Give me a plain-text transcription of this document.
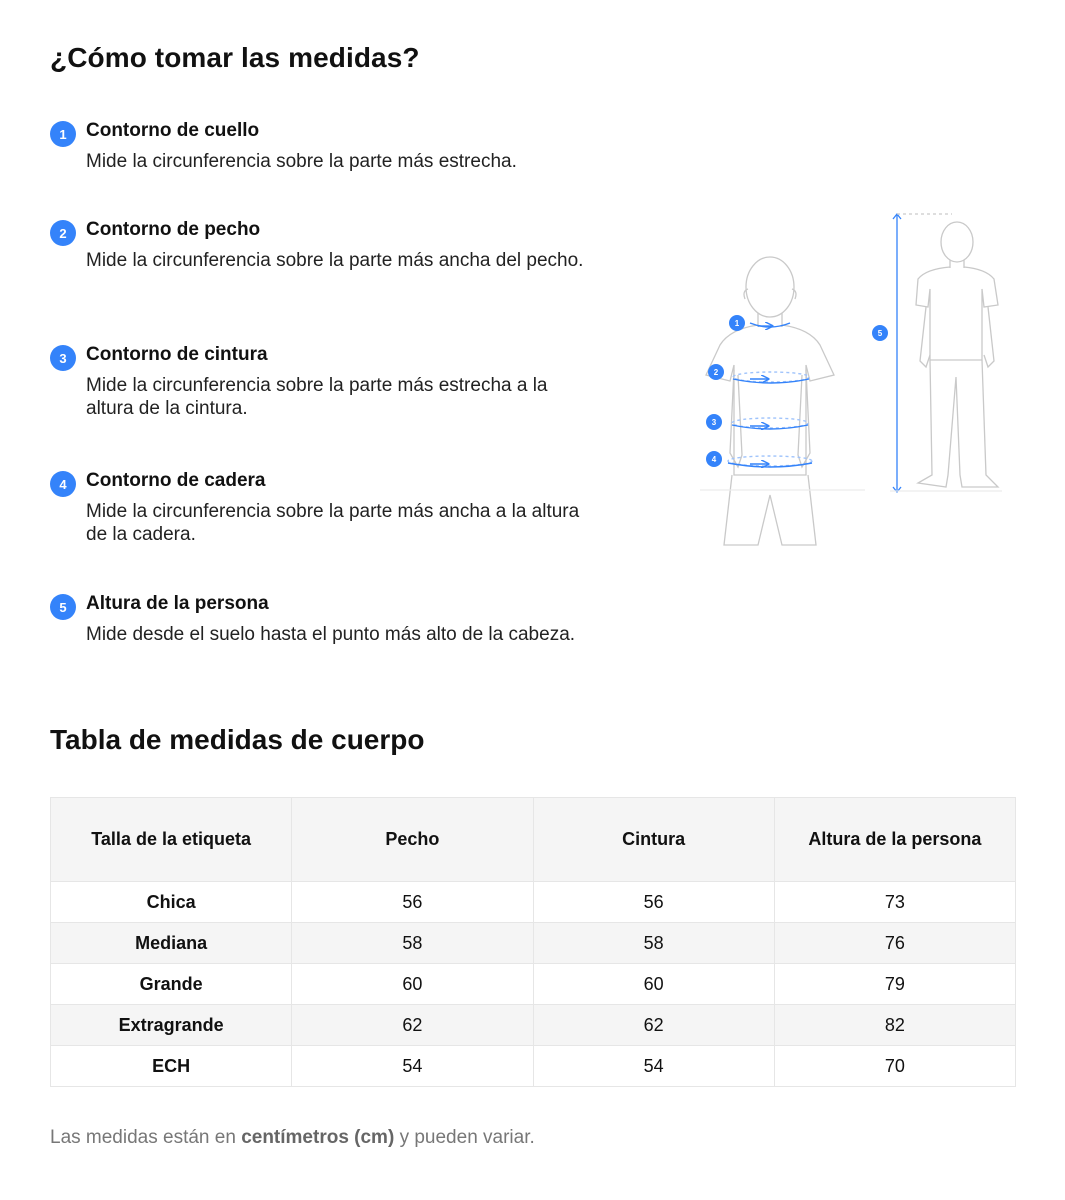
¿Cómo tomar las medidas?
1	Contorno de cuello
Mide la circunferencia sobre la parte más estrecha.
2	Contorno de pecho
Mide la circunferencia sobre la parte más ancha del pecho.
3	Contorno de cintura
Mide la circunferencia sobre la parte más estrecha a la altura de la cintura.
4	Contorno de cadera
Mide la circunferencia sobre la parte más ancha a la altura de la cadera.
5	Altura de la persona
Mide desde el suelo hasta el punto más alto de la cabeza.
1
2
3
4
5
Tabla de medidas de cuerpo
Talla de la etiqueta	Pecho	Cintura	Altura de la persona
Chica	56	56	73
Mediana	58	58	76
Grande	60	60	79
Extragrande	62	62	82
ECH	54	54	70

Las medidas están en centímetros (cm) y pueden variar.
